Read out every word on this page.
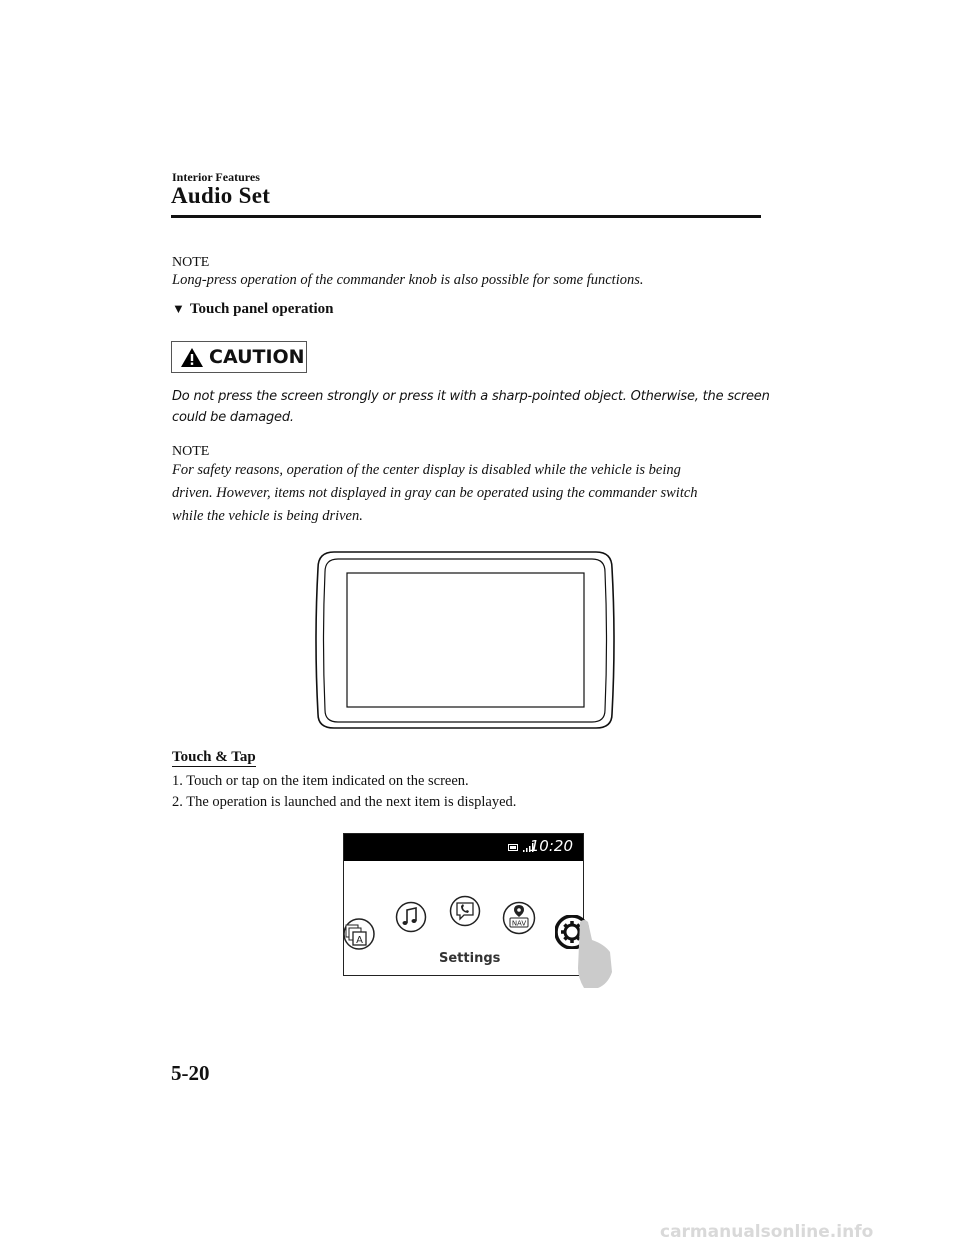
Interior Features
Audio Set
NOTE
Long-press operation of the commander knob is also possible for some functions.
▼ Touch panel operation
CAUTION
Do not press the screen strongly or press it with a sharp-pointed object. Otherwise, the screen could be damaged.
NOTE
For safety reasons, operation of the center display is disabled while the vehicle is being
driven. However, items not displayed in gray can be operated using the commander switch
while the vehicle is being driven.
Touch & Tap
1. Touch or tap on the item indicated on the screen.
2. The operation is launched and the next item is displayed.
10:20
A
NAV
Settings
5-20
carmanualsonline.info
